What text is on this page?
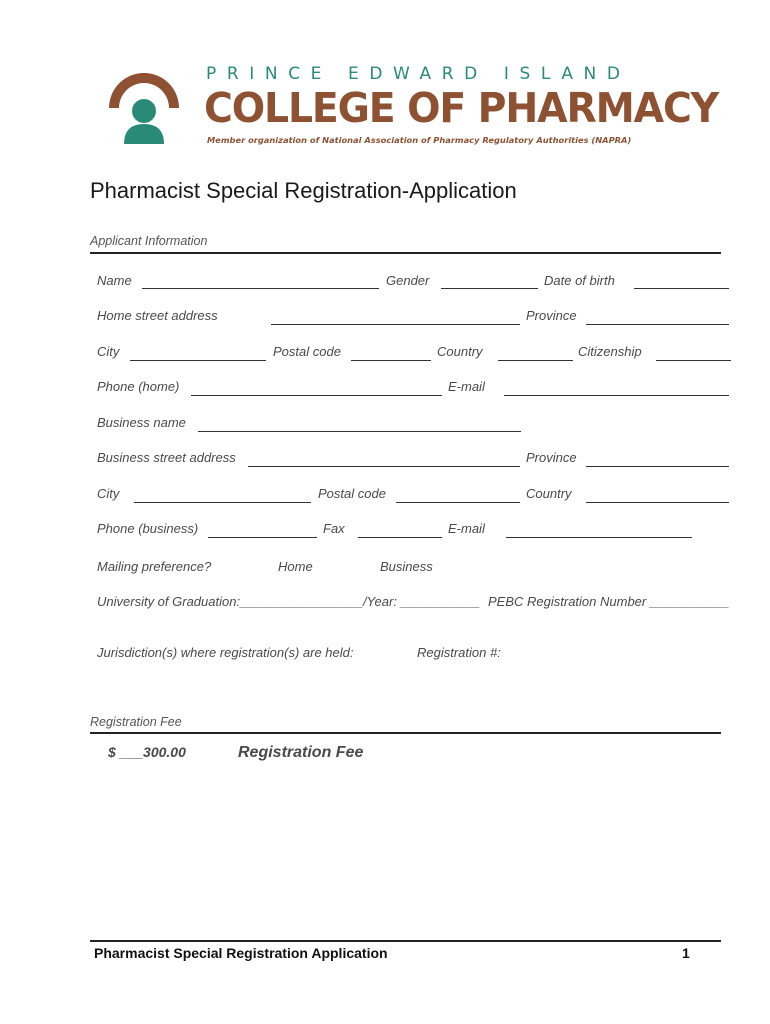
PRINCE EDWARD ISLAND
COLLEGE OF PHARMACY
Member organization of National Association of Pharmacy Regulatory Authorities (NAPRA)
Pharmacist Special Registration-Application
Applicant Information
Name	Gender	Date of birth
Home street address	Province
City	Postal code	Country	Citizenship
Phone (home)	E-mail
Business name
Business street address	Province
City	Postal code	Country
Phone (business)	Fax	E-mail
Mailing preference?	Home	Business
University of Graduation:_________________/Year: ___________ PEBC Registration Number ___________
Jurisdiction(s) where registration(s) are held:	Registration #:
Registration Fee
$ ___300.00	Registration Fee
Pharmacist Special Registration Application	1
